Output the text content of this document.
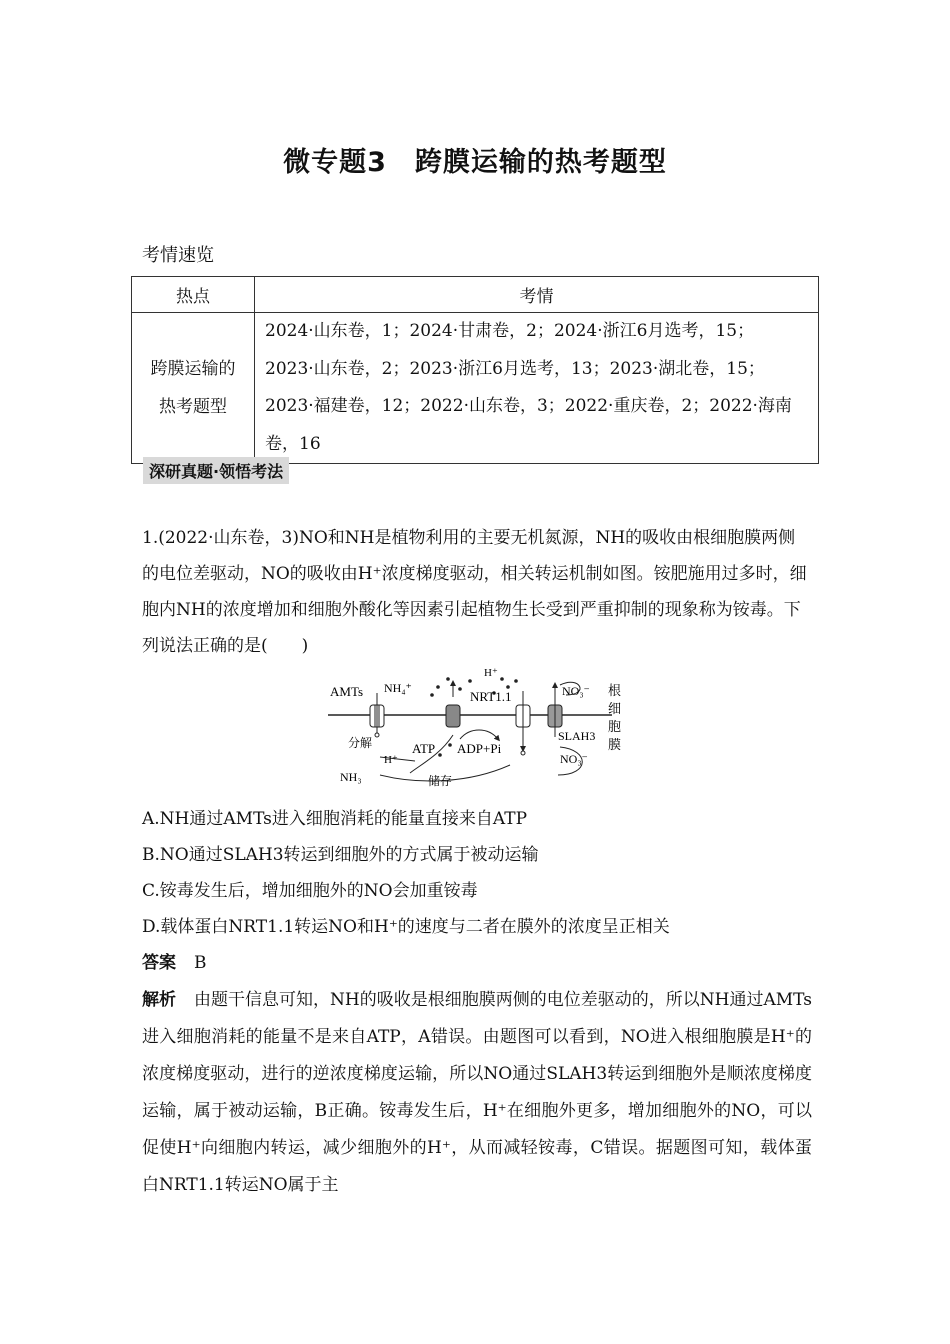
微专题3　跨膜运输的热考题型
考情速览
热点	考情

跨膜运输的热考题型	2024·山东卷，1；2024·甘肃卷，2；2024·浙江6月选考，15；
2023·山东卷，2；2023·浙江6月选考，13；2023·湖北卷，15；
2023·福建卷，12；2022·山东卷，3；2022·重庆卷，2；2022·海南
卷，16
深研真题·领悟考法
1.(2022·山东卷，3)NO和NH是植物利用的主要无机氮源，NH的吸收由根细胞膜两侧的电位差驱动，NO的吸收由H⁺浓度梯度驱动，相关转运机制如图。铵肥施用过多时，细胞内NH的浓度增加和细胞外酸化等因素引起植物生长受到严重抑制的现象称为铵毒。下列说法正确的是(　　)
AMTs NH₄⁺
H⁺
NRT1.1	NO₃⁻ 根
细
胞
膜
分解
H⁺
ATP ADP+Pi
SLAH3
NH₃	储存
NO₃⁻
A.NH通过AMTs进入细胞消耗的能量直接来自ATP
B.NO通过SLAH3转运到细胞外的方式属于被动运输
C.铵毒发生后，增加细胞外的NO会加重铵毒
D.载体蛋白NRT1.1转运NO和H⁺的速度与二者在膜外的浓度呈正相关
答案 B
解析 由题干信息可知，NH的吸收是根细胞膜两侧的电位差驱动的，所以NH通过AMTs进入细胞消耗的能量不是来自ATP，A错误。由题图可以看到，NO进入根细胞膜是H⁺的浓度梯度驱动，进行的逆浓度梯度运输，所以NO通过SLAH3转运到细胞外是顺浓度梯度运输，属于被动运输，B正确。铵毒发生后，H⁺在细胞外更多，增加细胞外的NO，可以促使H⁺向细胞内转运，减少细胞外的H⁺，从而减轻铵毒，C错误。据题图可知，载体蛋白NRT1.1转运NO属于主
